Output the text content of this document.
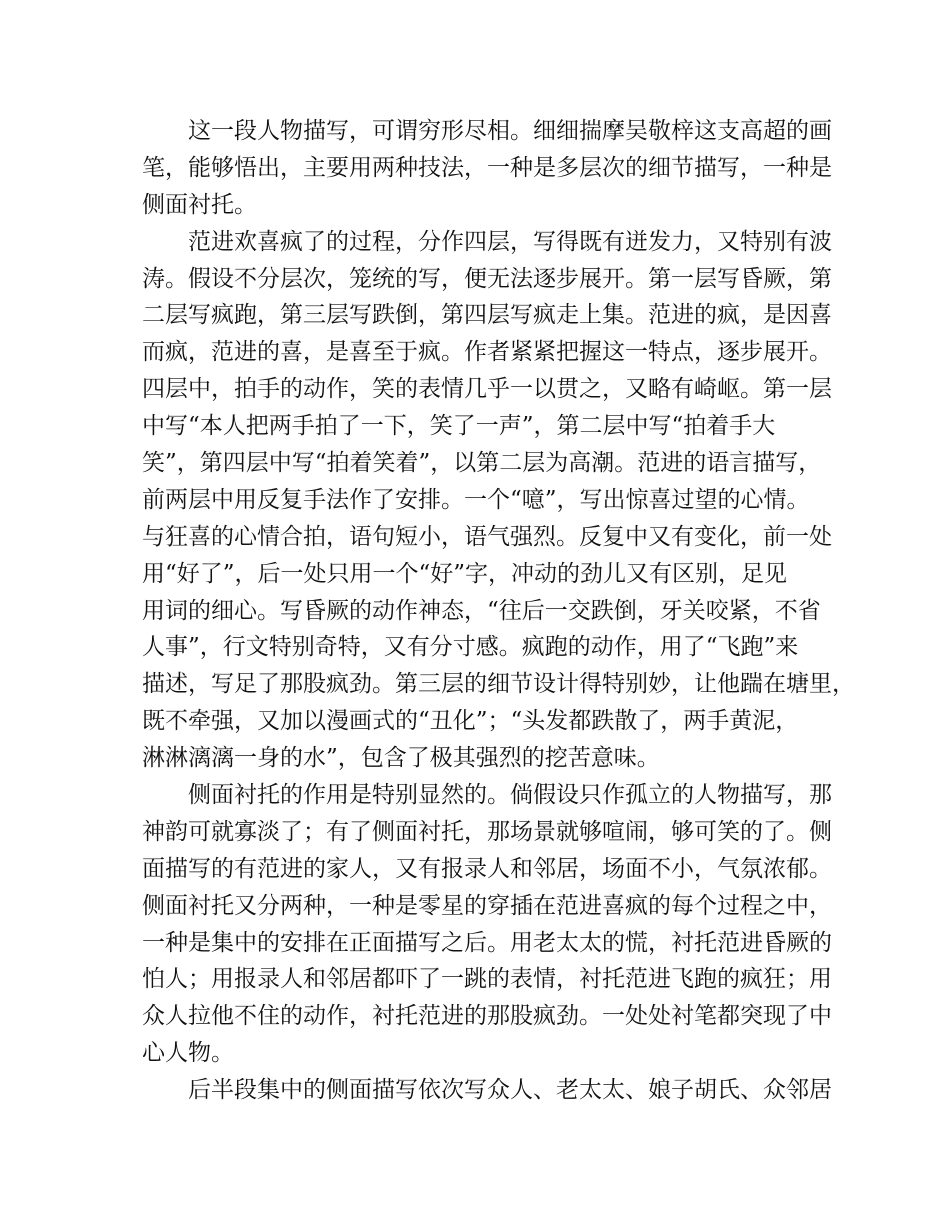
这一段人物描写，可谓穷形尽相。细细揣摩吴敬梓这支高超的画
笔，能够悟出，主要用两种技法，一种是多层次的细节描写，一种是
侧面衬托。
范进欢喜疯了的过程，分作四层，写得既有迸发力，又特别有波
涛。假设不分层次，笼统的写，便无法逐步展开。第一层写昏厥，第
二层写疯跑，第三层写跌倒，第四层写疯走上集。范进的疯，是因喜
而疯，范进的喜，是喜至于疯。作者紧紧把握这一特点，逐步展开。
四层中，拍手的动作，笑的表情几乎一以贯之，又略有崎岖。第一层
中写“本人把两手拍了一下，笑了一声”，第二层中写“拍着手大
笑”，第四层中写“拍着笑着”，以第二层为高潮。范进的语言描写，
前两层中用反复手法作了安排。一个“噫”，写出惊喜过望的心情。
与狂喜的心情合拍，语句短小，语气强烈。反复中又有变化，前一处
用“好了”，后一处只用一个“好”字，冲动的劲儿又有区别，足见
用词的细心。写昏厥的动作神态，“往后一交跌倒，牙关咬紧，不省
人事”，行文特别奇特，又有分寸感。疯跑的动作，用了“飞跑”来
描述，写足了那股疯劲。第三层的细节设计得特别妙，让他踹在塘里，
既不牵强，又加以漫画式的“丑化”；“头发都跌散了，两手黄泥，
淋淋漓漓一身的水”，包含了极其强烈的挖苦意味。
侧面衬托的作用是特别显然的。倘假设只作孤立的人物描写，那
神韵可就寡淡了；有了侧面衬托，那场景就够喧闹，够可笑的了。侧
面描写的有范进的家人，又有报录人和邻居，场面不小，气氛浓郁。
侧面衬托又分两种，一种是零星的穿插在范进喜疯的每个过程之中，
一种是集中的安排在正面描写之后。用老太太的慌，衬托范进昏厥的
怕人；用报录人和邻居都吓了一跳的表情，衬托范进飞跑的疯狂；用
众人拉他不住的动作，衬托范进的那股疯劲。一处处衬笔都突现了中
心人物。
后半段集中的侧面描写依次写众人、老太太、娘子胡氏、众邻居
